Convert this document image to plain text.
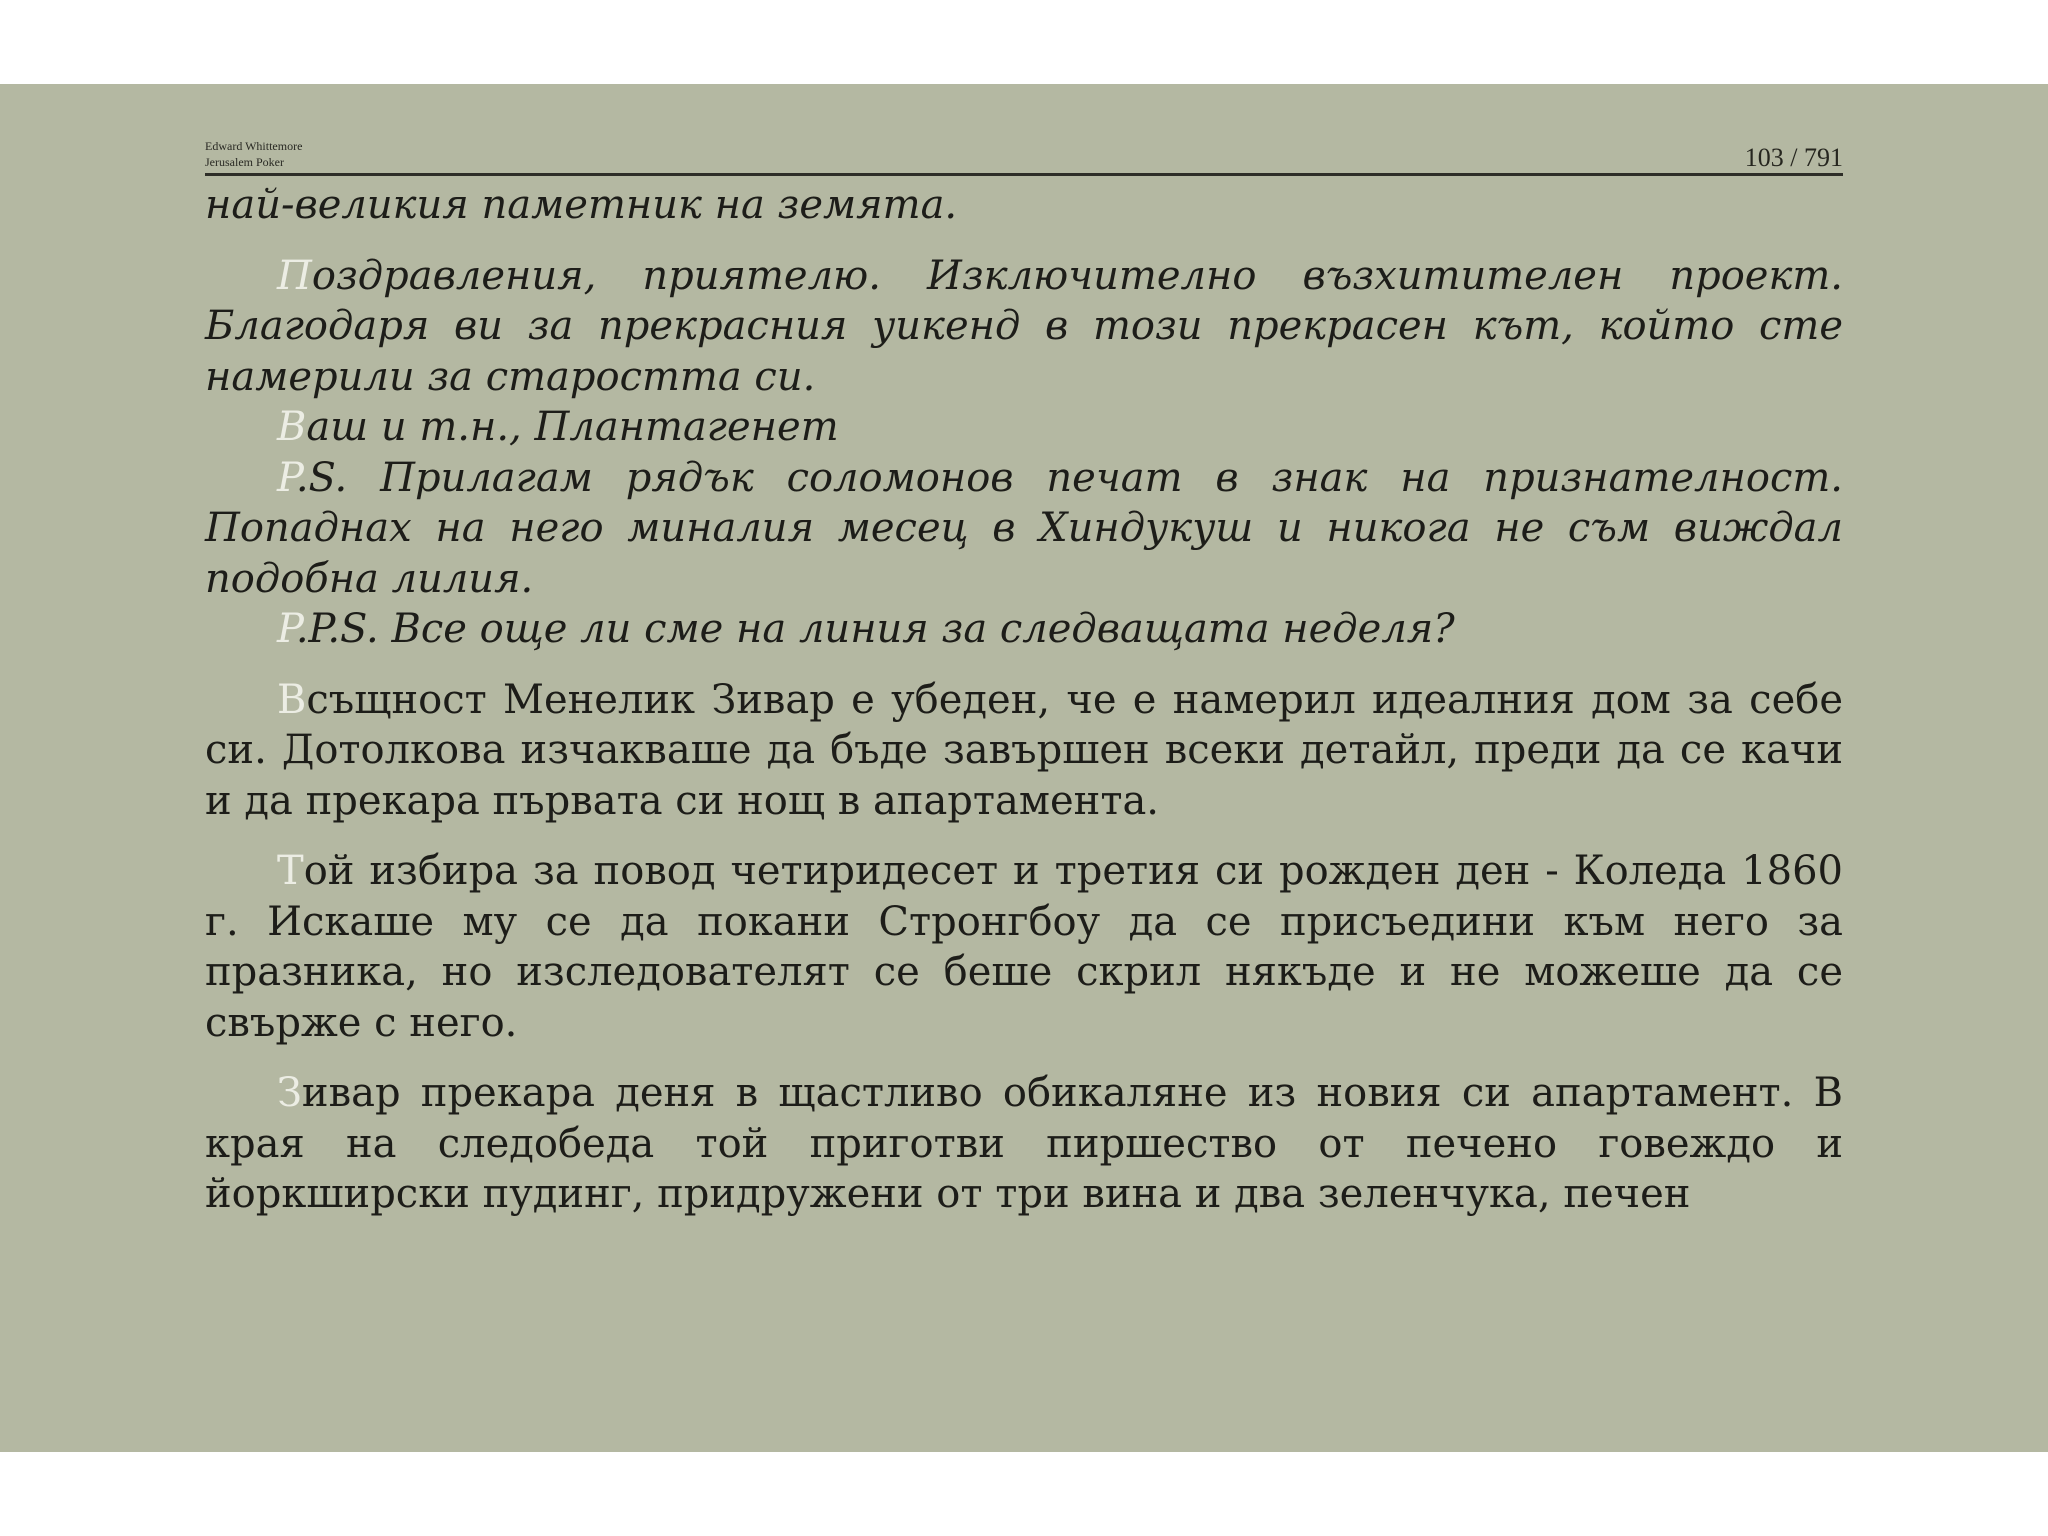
Edward Whittemore
Jerusalem Poker	103 / 791

най-великия паметник на земята.

Поздравления, приятелю. Изключително възхитителен проект. Благодаря ви за прекрасния уикенд в този прекрасен кът, който сте намерили за старостта си.

Ваш и т.н., Плантагенет

P.S. Прилагам рядък соломонов печат в знак на признателност. Попаднах на него миналия месец в Хиндукуш и никога не съм виждал подобна лилия.

P.P.S. Все още ли сме на линия за следващата неделя?

Всъщност Менелик Зивар е убеден, че е намерил идеалния дом за себе си. Дотолкова изчакваше да бъде завършен всеки детайл, преди да се качи и да прекара първата си нощ в апартамента.

Той избира за повод четиридесет и третия си рожден ден - Коледа 1860 г. Искаше му се да покани Стронгбоу да се присъедини към него за празника, но изследователят се беше скрил някъде и не можеше да се свърже с него.

Зивар прекара деня в щастливо обикаляне из новия си апартамент. В края на следобеда той приготви пиршество от печено говеждо и йоркширски пудинг, придружени от три вина и два зеленчука, печен
